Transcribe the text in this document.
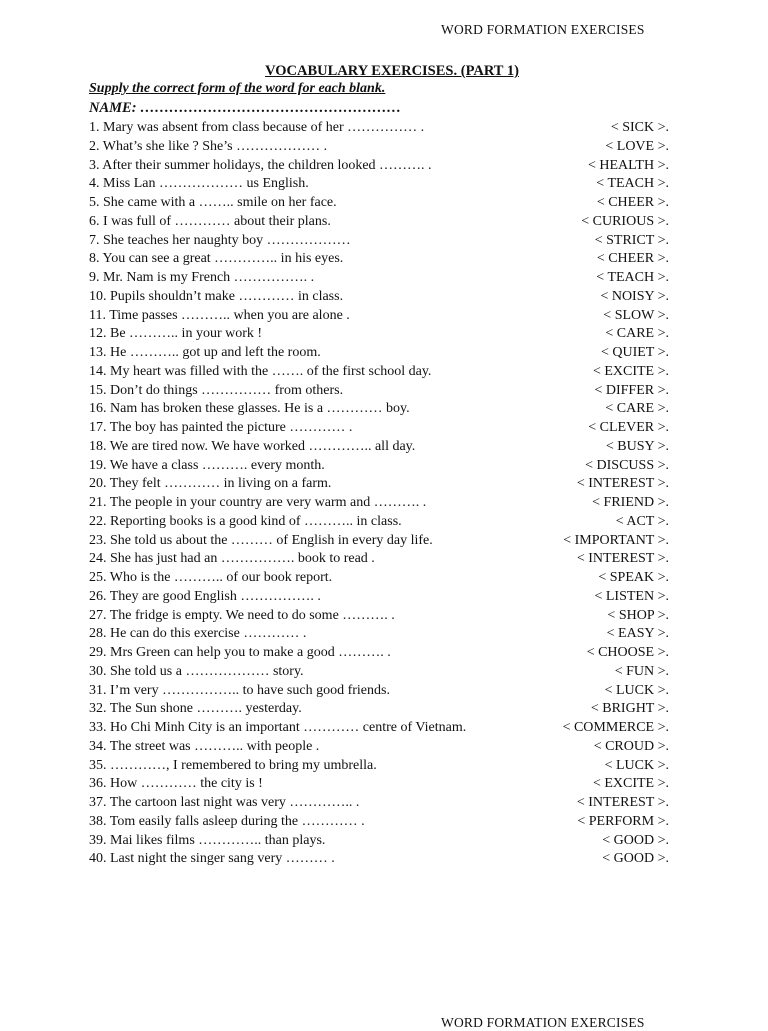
WORD FORMATION EXERCISES
VOCABULARY EXERCISES. (PART 1)
Supply the correct form of the word for each blank.
NAME: ………………………………………………
1. Mary was absent from class because of her …………… .	< SICK >.
2. What’s she like ? She’s ……………… .	< LOVE >.
3. After their summer holidays, the children looked ………. .	< HEALTH >.
4. Miss Lan ……………… us English.	< TEACH >.
5. She came with a …….. smile on her face.	< CHEER >.
6. I was full of ………… about their plans.	< CURIOUS >.
7. She teaches her naughty boy ………………	< STRICT >.
8. You can see a great ………….. in his eyes.	< CHEER >.
9. Mr. Nam is my French ……………. .	< TEACH >.
10. Pupils shouldn’t make ………… in class.	< NOISY >.
11. Time passes ……….. when you are alone .	< SLOW >.
12. Be ……….. in your work !	< CARE >.
13. He ……….. got up and left the room.	< QUIET >.
14. My heart was filled with the ……. of the first school day.	< EXCITE >.
15. Don’t do things …………… from others.	< DIFFER >.
16. Nam has broken these glasses. He is a ………… boy.	< CARE >.
17. The boy has painted the picture ………… .	< CLEVER >.
18. We are tired now. We have worked ………….. all day.	< BUSY >.
19. We have a class ………. every month.	< DISCUSS >.
20. They felt ………… in living on a farm.	< INTEREST >.
21. The people in your country are very warm and ………. .	< FRIEND >.
22. Reporting books is a good kind of ……….. in class.	< ACT >.
23. She told us about the ……… of English in every day life.	< IMPORTANT >.
24. She has just had an ……………. book to read .	< INTEREST >.
25. Who is the ……….. of our book report.	< SPEAK >.
26. They are good English ……………. .	< LISTEN >.
27. The fridge is empty. We need to do some ………. .	< SHOP >.
28. He can do this exercise ………… .	< EASY >.
29. Mrs Green can help you to make a good ………. .	< CHOOSE >.
30. She told us a ……………… story.	< FUN >.
31. I’m very …………….. to have such good friends.	< LUCK >.
32. The Sun shone ………. yesterday.	< BRIGHT >.
33. Ho Chi Minh City is an important ………… centre of Vietnam.	< COMMERCE >.
34. The street was ……….. with people .	< CROUD >.
35. …………, I remembered to bring my umbrella.	< LUCK >.
36. How ………… the city is !	< EXCITE >.
37. The cartoon last night was very ………….. .	< INTEREST >.
38. Tom easily falls asleep during the ………… .	< PERFORM >.
39. Mai likes films ………….. than plays.	< GOOD >.
40. Last night the singer sang very ……… .	< GOOD >.
WORD FORMATION EXERCISES
